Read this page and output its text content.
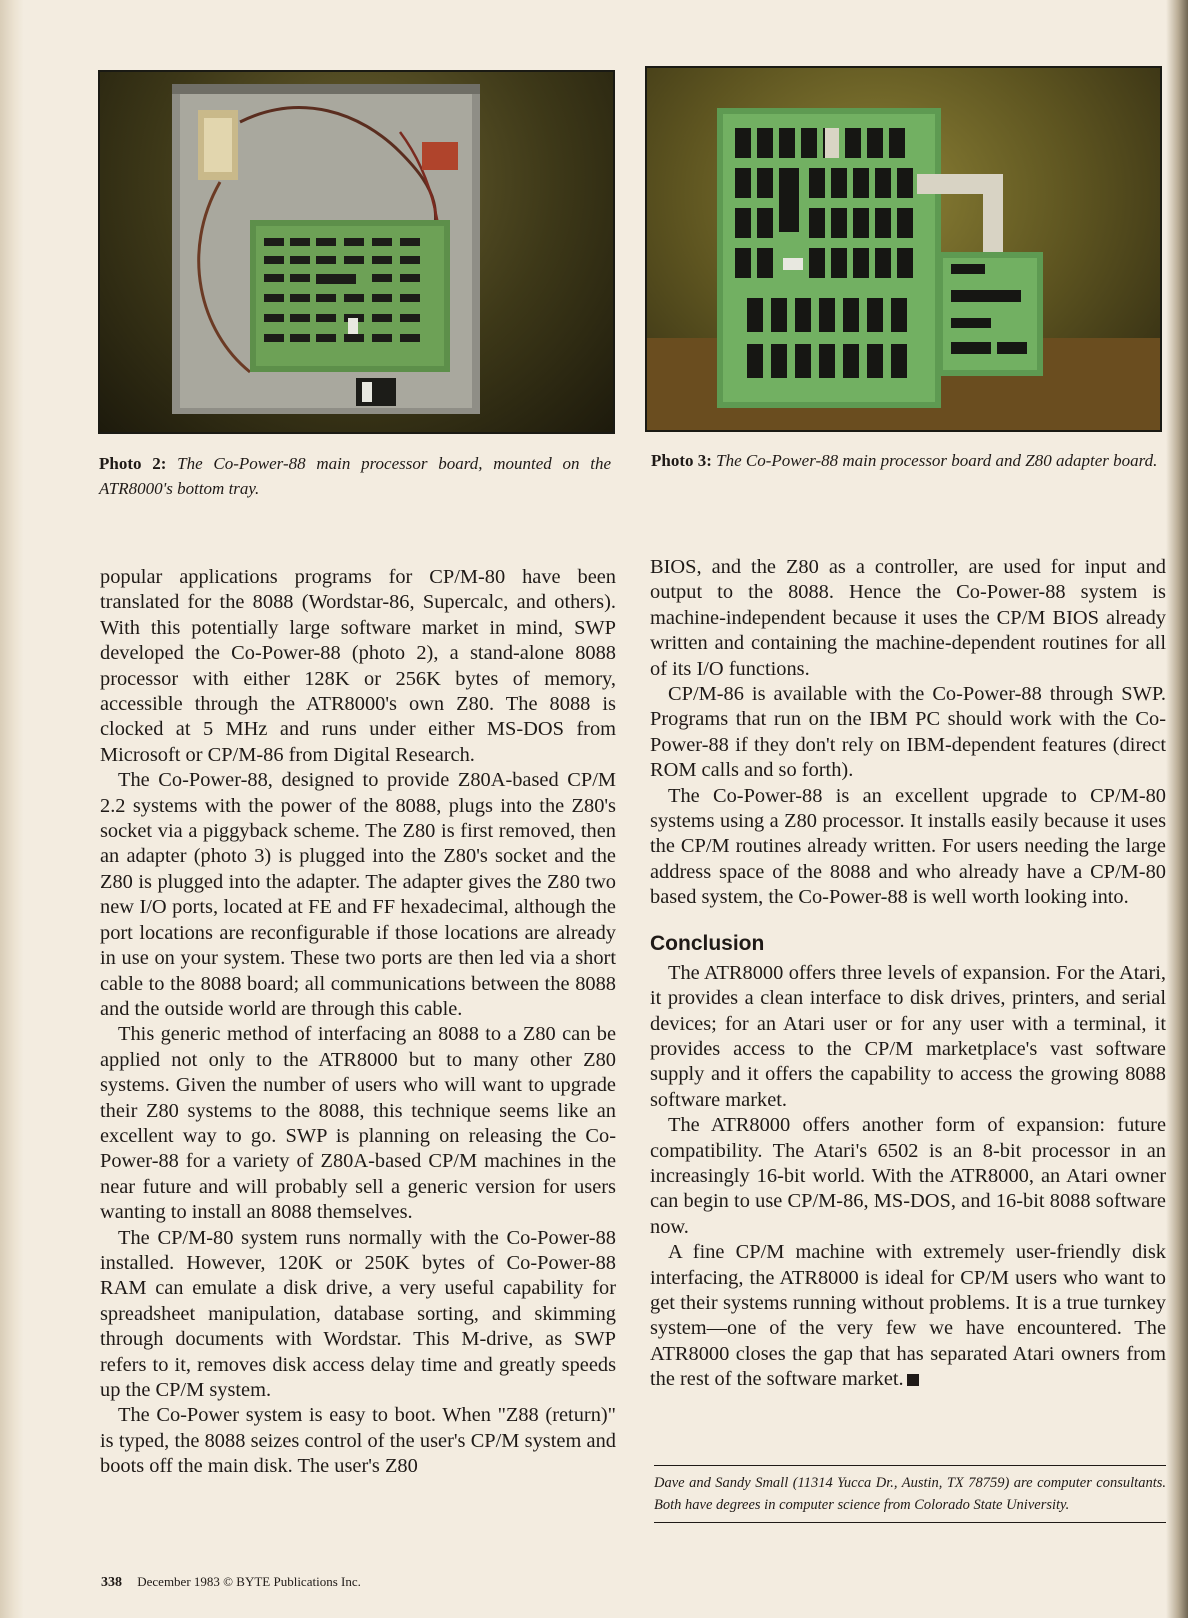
Photo 2: The Co-Power-88 main processor board, mounted on the ATR8000's bottom tray.
Photo 3: The Co-Power-88 main processor board and Z80 adapter board.

popular applications programs for CP/M-80 have been translated for the 8088 (Wordstar-86, Supercalc, and others). With this potentially large software market in mind, SWP developed the Co-Power-88 (photo 2), a stand-alone 8088 processor with either 128K or 256K bytes of memory, accessible through the ATR8000's own Z80. The 8088 is clocked at 5 MHz and runs under either MS-DOS from Microsoft or CP/M-86 from Digital Research.

The Co-Power-88, designed to provide Z80A-based CP/M 2.2 systems with the power of the 8088, plugs into the Z80's socket via a piggyback scheme. The Z80 is first removed, then an adapter (photo 3) is plugged into the Z80's socket and the Z80 is plugged into the adapter. The adapter gives the Z80 two new I/O ports, located at FE and FF hexadecimal, although the port locations are reconfigurable if those locations are already in use on your system. These two ports are then led via a short cable to the 8088 board; all communications between the 8088 and the outside world are through this cable.

This generic method of interfacing an 8088 to a Z80 can be applied not only to the ATR8000 but to many other Z80 systems. Given the number of users who will want to upgrade their Z80 systems to the 8088, this technique seems like an excellent way to go. SWP is planning on releasing the Co-Power-88 for a variety of Z80A-based CP/M machines in the near future and will probably sell a generic version for users wanting to install an 8088 themselves.

The CP/M-80 system runs normally with the Co-Power-88 installed. However, 120K or 250K bytes of Co-Power-88 RAM can emulate a disk drive, a very useful capability for spreadsheet manipulation, database sorting, and skimming through documents with Wordstar. This M-drive, as SWP refers to it, removes disk access delay time and greatly speeds up the CP/M system.

The Co-Power system is easy to boot. When "Z88 (return)" is typed, the 8088 seizes control of the user's CP/M system and boots off the main disk. The user's Z80

BIOS, and the Z80 as a controller, are used for input and output to the 8088. Hence the Co-Power-88 system is machine-independent because it uses the CP/M BIOS already written and containing the machine-dependent routines for all of its I/O functions.

CP/M-86 is available with the Co-Power-88 through SWP. Programs that run on the IBM PC should work with the Co-Power-88 if they don't rely on IBM-dependent features (direct ROM calls and so forth).

The Co-Power-88 is an excellent upgrade to CP/M-80 systems using a Z80 processor. It installs easily because it uses the CP/M routines already written. For users needing the large address space of the 8088 and who already have a CP/M-80 based system, the Co-Power-88 is well worth looking into.

Conclusion

The ATR8000 offers three levels of expansion. For the Atari, it provides a clean interface to disk drives, printers, and serial devices; for an Atari user or for any user with a terminal, it provides access to the CP/M marketplace's vast software supply and it offers the capability to access the growing 8088 software market.

The ATR8000 offers another form of expansion: future compatibility. The Atari's 6502 is an 8-bit processor in an increasingly 16-bit world. With the ATR8000, an Atari owner can begin to use CP/M-86, MS-DOS, and 16-bit 8088 software now.

A fine CP/M machine with extremely user-friendly disk interfacing, the ATR8000 is ideal for CP/M users who want to get their systems running without problems. It is a true turnkey system—one of the very few we have encountered. The ATR8000 closes the gap that has separated Atari owners from the rest of the software market.

Dave and Sandy Small (11314 Yucca Dr., Austin, TX 78759) are computer consultants. Both have degrees in computer science from Colorado State University.
338 December 1983 © BYTE Publications Inc.
